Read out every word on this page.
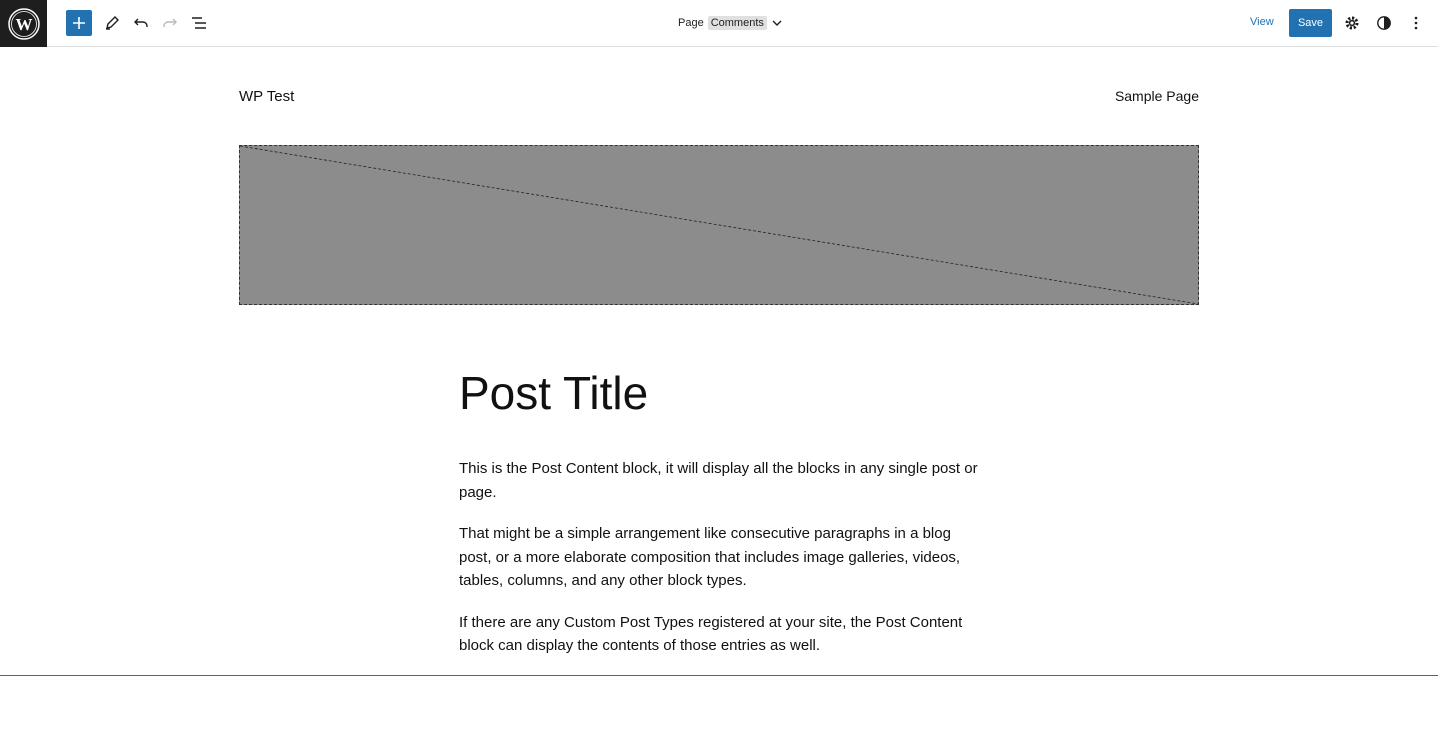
W	Page Comments	View	Save
WP Test	Sample Page
Post Title

This is the Post Content block, it will display all the blocks in any single post or page.

That might be a simple arrangement like consecutive paragraphs in a blog post, or a more elaborate composition that includes image galleries, videos, tables, columns, and any other block types.

If there are any Custom Post Types registered at your site, the Post Content block can display the contents of those entries as well.
